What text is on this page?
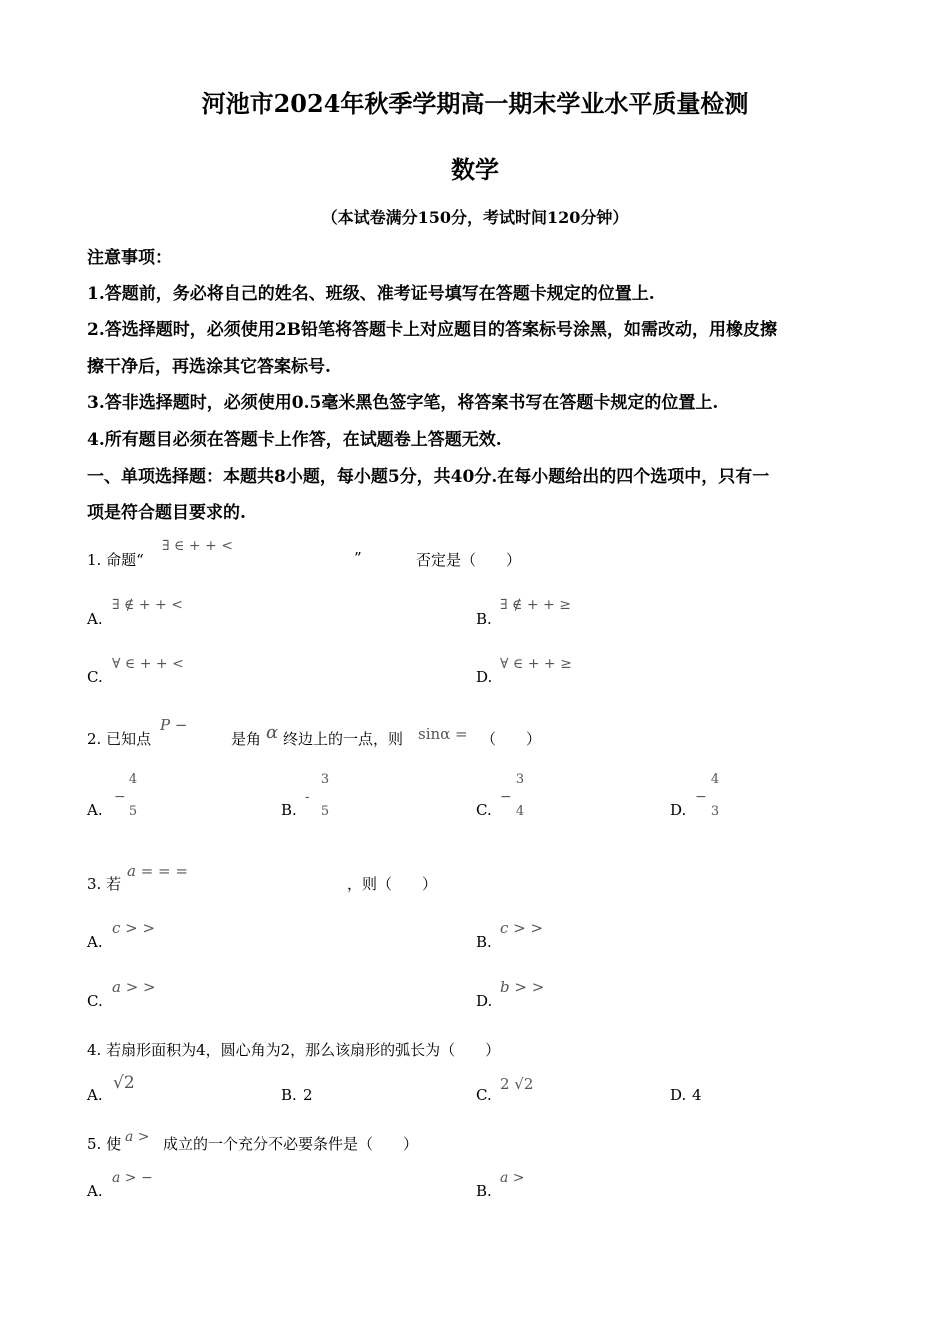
河池市2024年秋季学期高一期末学业水平质量检测
数学
（本试卷满分150分，考试时间120分钟）
注意事项：
1.答题前，务必将自己的姓名、班级、准考证号填写在答题卡规定的位置上.
2.答选择题时，必须使用2B铅笔将答题卡上对应题目的答案标号涂黑，如需改动，用橡皮擦
擦干净后，再选涂其它答案标号.
3.答非选择题时，必须使用0.5毫米黑色签字笔，将答案书写在答题卡规定的位置上.
4.所有题目必须在答题卡上作答，在试题卷上答题无效.
一、单项选择题：本题共8小题，每小题5分，共40分.在每小题给出的四个选项中，只有一
项是符合题目要求的.
1. 命题“
∃ ∈ + + <
”	否定是（　　）
A.
∃ ∉ + + <
B.
∃ ∉ + + ≥
C.
∀ ∈ + + <
D.
∀ ∈ + + ≥
2. 已知点
P −
是角 α 终边上的一点，则 sinα = （　　）
A.
−
4
5	B.
-
3
5	C.
−
3
4	D.
−
4
3
3. 若
a = = =
，则（　　）
A.
c > >
B.
c > >
C.
a > >
D.
b > >
4. 若扇形面积为4，圆心角为2，那么该扇形的弧长为（　　）
A.
√2
B. 2	C.
2 √2
D. 4
5. 使 a > 成立的一个充分不必要条件是（　　）
A.
a > −
B.
a >
